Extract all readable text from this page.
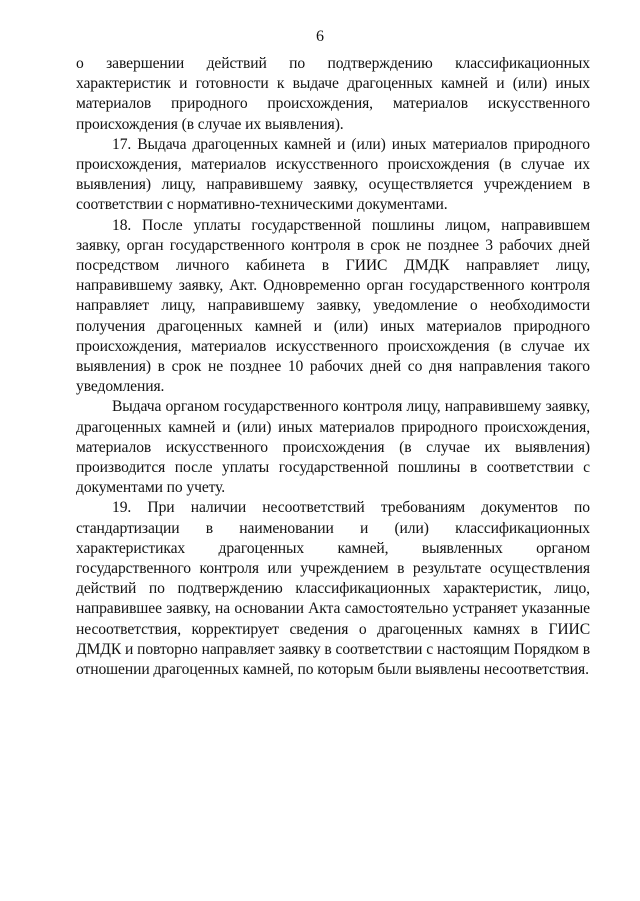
6

о завершении действий по подтверждению классификационных характеристик и готовности к выдаче драгоценных камней и (или) иных материалов природного происхождения, материалов искусственного происхождения (в случае их выявления).

17. Выдача драгоценных камней и (или) иных материалов природного происхождения, материалов искусственного происхождения (в случае их выявления) лицу, направившему заявку, осуществляется учреждением в соответствии с нормативно-техническими документами.

18. После уплаты государственной пошлины лицом, направившем заявку, орган государственного контроля в срок не позднее 3 рабочих дней посредством личного кабинета в ГИИС ДМДК направляет лицу, направившему заявку, Акт. Одновременно орган государственного контроля направляет лицу, направившему заявку, уведомление о необходимости получения драгоценных камней и (или) иных материалов природного происхождения, материалов искусственного происхождения (в случае их выявления) в срок не позднее 10 рабочих дней со дня направления такого уведомления.

Выдача органом государственного контроля лицу, направившему заявку, драгоценных камней и (или) иных материалов природного происхождения, материалов искусственного происхождения (в случае их выявления) производится после уплаты государственной пошлины в соответствии с документами по учету.

19. При наличии несоответствий требованиям документов по стандартизации в наименовании и (или) классификационных характеристиках драгоценных камней, выявленных органом государственного контроля или учреждением в результате осуществления действий по подтверждению классификационных характеристик, лицо, направившее заявку, на основании Акта самостоятельно устраняет указанные несоответствия, корректирует сведения о драгоценных камнях в ГИИС ДМДК и повторно направляет заявку в соответствии с настоящим Порядком в отношении драгоценных камней, по которым были выявлены несоответствия.
